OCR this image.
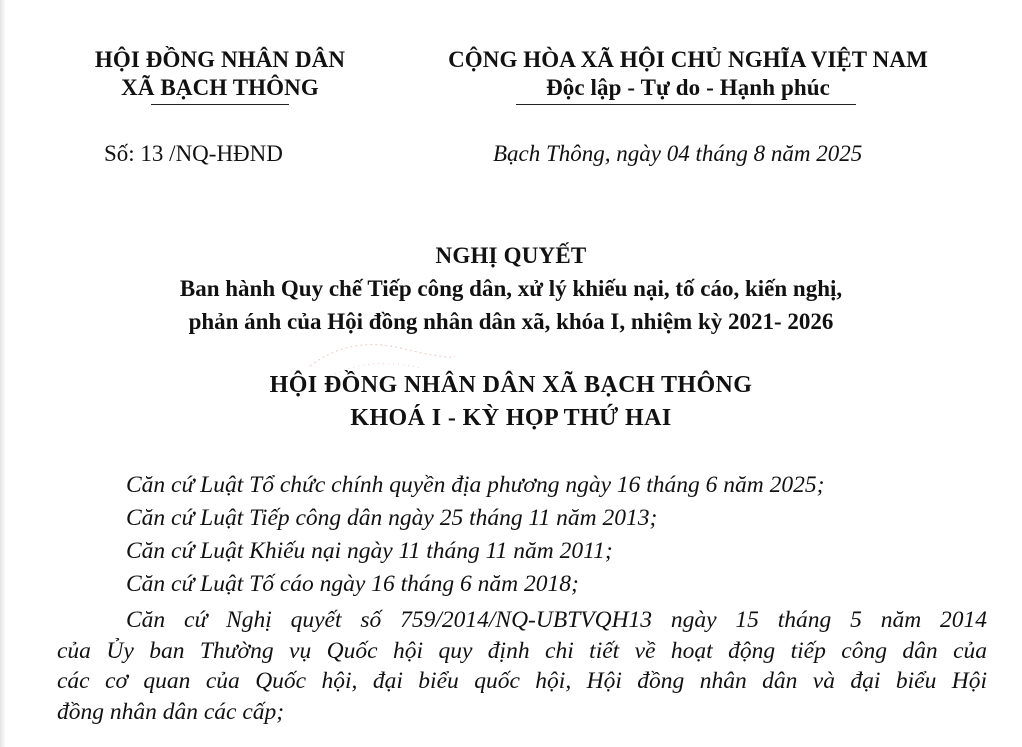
HỘI ĐỒNG NHÂN DÂN
XÃ BẠCH THÔNG
CỘNG HÒA XÃ HỘI CHỦ NGHĨA VIỆT NAM
Độc lập - Tự do - Hạnh phúc
Số: 13 /NQ-HĐND	Bạch Thông, ngày 04 tháng 8 năm 2025
NGHỊ QUYẾT
Ban hành Quy chế Tiếp công dân, xử lý khiếu nại, tố cáo, kiến nghị,
phản ánh của Hội đồng nhân dân xã, khóa I, nhiệm kỳ 2021- 2026
HỘI ĐỒNG NHÂN DÂN XÃ BẠCH THÔNG
KHOÁ I - KỲ HỌP THỨ HAI
Căn cứ Luật Tổ chức chính quyền địa phương ngày 16 tháng 6 năm 2025;
Căn cứ Luật Tiếp công dân ngày 25 tháng 11 năm 2013;
Căn cứ Luật Khiếu nại ngày 11 tháng 11 năm 2011;
Căn cứ Luật Tố cáo ngày 16 tháng 6 năm 2018;
Căn cứ Nghị quyết số 759/2014/NQ-UBTVQH13 ngày 15 tháng 5 năm 2014
của Ủy ban Thường vụ Quốc hội quy định chi tiết về hoạt động tiếp công dân của
các cơ quan của Quốc hội, đại biểu quốc hội, Hội đồng nhân dân và đại biểu Hội
đồng nhân dân các cấp;
